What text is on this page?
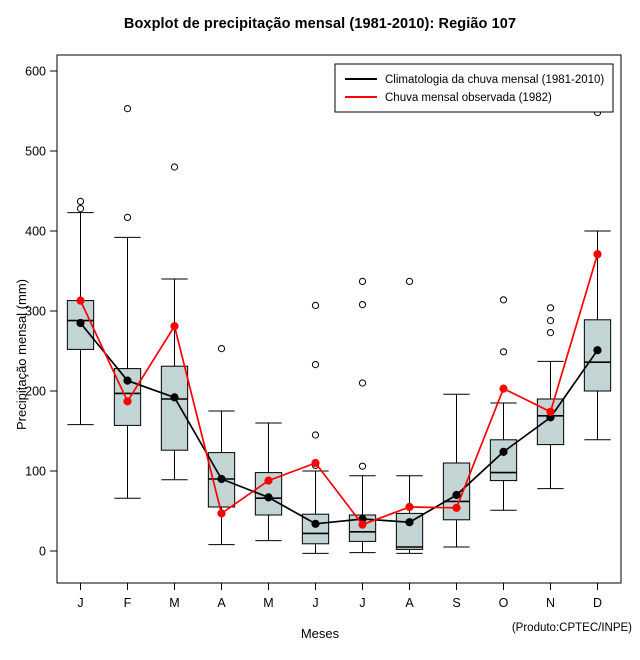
Boxplot de precipitação mensal (1981-2010): Região 107
Precipitação mensal (mm)
Meses	(Produto:CPTEC/INPE)
0
100
200
300
400
500
600
J	F	M	A	M	J	J	A	S	O	N	D
Climatologia da chuva mensal (1981-2010)
Chuva mensal observada (1982)
